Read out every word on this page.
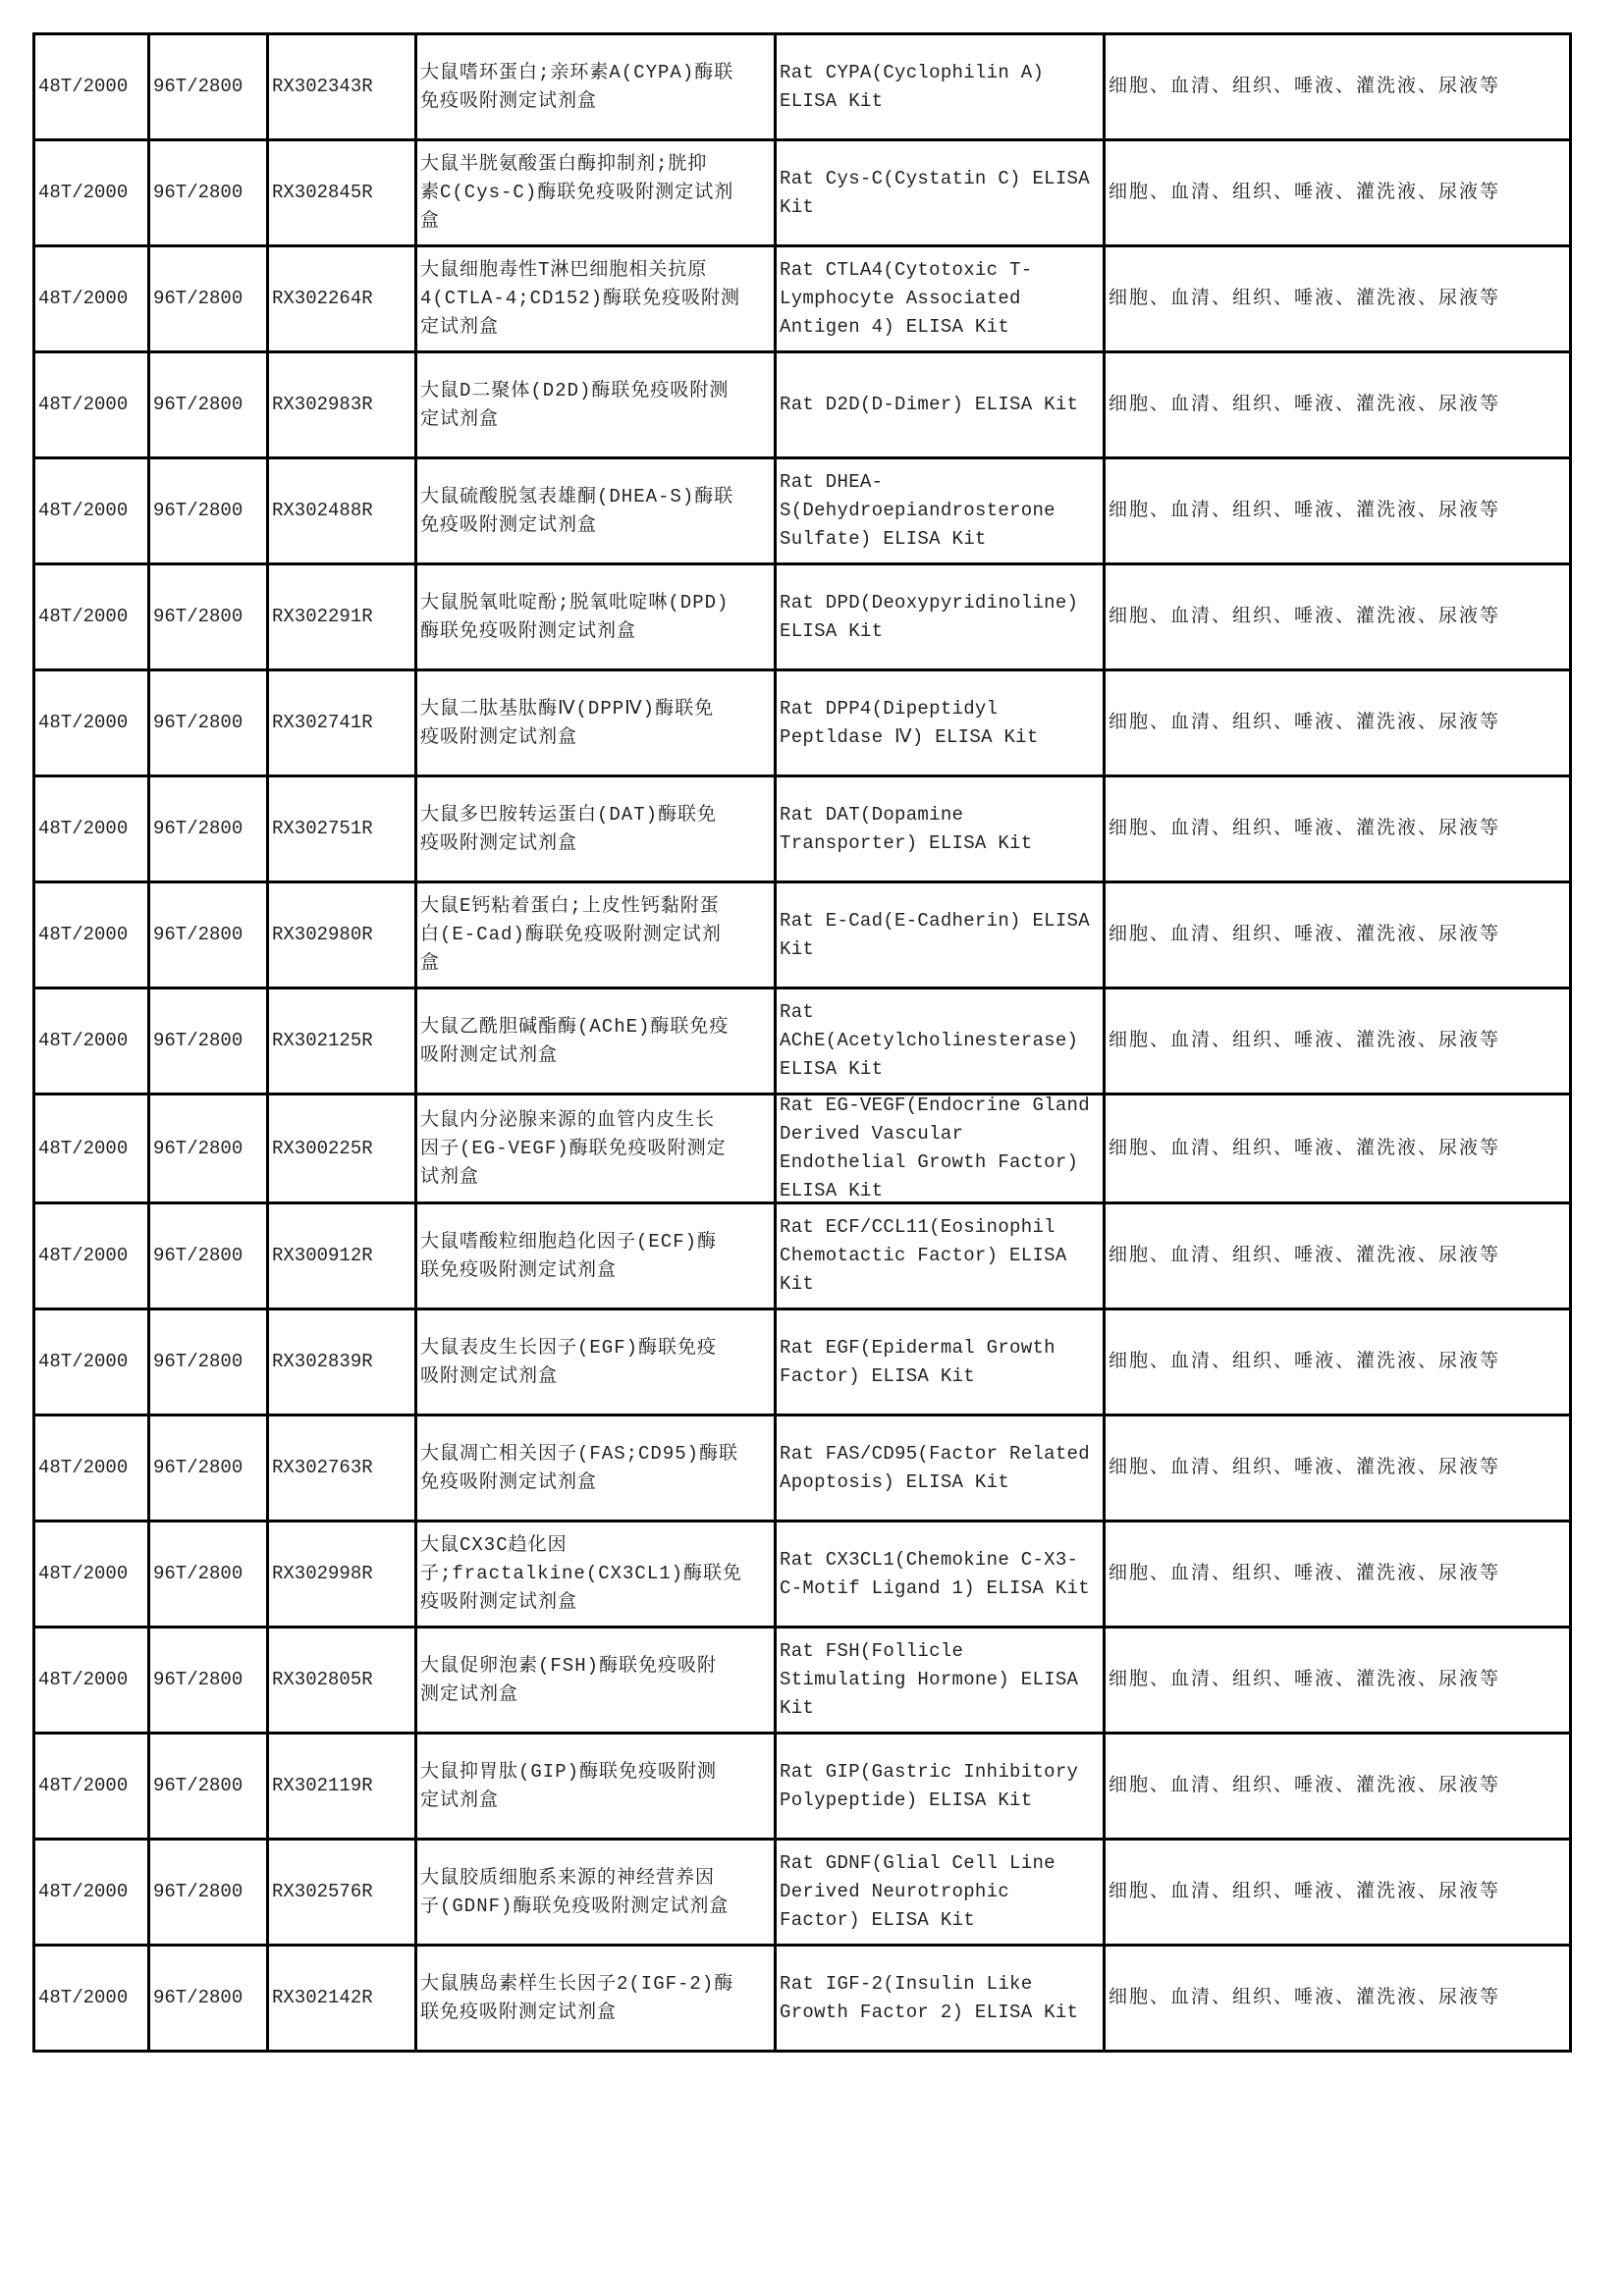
48T/2000	96T/2800	RX302343R	大鼠嗜环蛋白;亲环素A(CYPA)酶联
免疫吸附测定试剂盒	Rat CYPA(Cyclophilin A)
ELISA Kit	细胞、血清、组织、唾液、灌洗液、尿液等

48T/2000	96T/2800	RX302845R	大鼠半胱氨酸蛋白酶抑制剂;胱抑
素C(Cys-C)酶联免疫吸附测定试剂
盒	Rat Cys-C(Cystatin C) ELISA
Kit	细胞、血清、组织、唾液、灌洗液、尿液等

48T/2000	96T/2800	RX302264R	大鼠细胞毒性T淋巴细胞相关抗原
4(CTLA-4;CD152)酶联免疫吸附测
定试剂盒	Rat CTLA4(Cytotoxic T-
Lymphocyte Associated
Antigen 4) ELISA Kit	细胞、血清、组织、唾液、灌洗液、尿液等

48T/2000	96T/2800	RX302983R	大鼠D二聚体(D2D)酶联免疫吸附测
定试剂盒	Rat D2D(D-Dimer) ELISA Kit	细胞、血清、组织、唾液、灌洗液、尿液等

48T/2000	96T/2800	RX302488R	大鼠硫酸脱氢表雄酮(DHEA-S)酶联
免疫吸附测定试剂盒	Rat DHEA-
S(Dehydroepiandrosterone
Sulfate) ELISA Kit	细胞、血清、组织、唾液、灌洗液、尿液等

48T/2000	96T/2800	RX302291R	大鼠脱氧吡啶酚;脱氧吡啶啉(DPD)
酶联免疫吸附测定试剂盒	Rat DPD(Deoxypyridinoline)
ELISA Kit	细胞、血清、组织、唾液、灌洗液、尿液等

48T/2000	96T/2800	RX302741R	大鼠二肽基肽酶Ⅳ(DPPⅣ)酶联免
疫吸附测定试剂盒	Rat DPP4(Dipeptidyl
Peptldase Ⅳ) ELISA Kit	细胞、血清、组织、唾液、灌洗液、尿液等

48T/2000	96T/2800	RX302751R	大鼠多巴胺转运蛋白(DAT)酶联免
疫吸附测定试剂盒	Rat DAT(Dopamine
Transporter) ELISA Kit	细胞、血清、组织、唾液、灌洗液、尿液等

48T/2000	96T/2800	RX302980R	大鼠E钙粘着蛋白;上皮性钙黏附蛋
白(E-Cad)酶联免疫吸附测定试剂
盒	Rat E-Cad(E-Cadherin) ELISA
Kit	细胞、血清、组织、唾液、灌洗液、尿液等

48T/2000	96T/2800	RX302125R	大鼠乙酰胆碱酯酶(AChE)酶联免疫
吸附测定试剂盒	Rat
AChE(Acetylcholinesterase)
ELISA Kit	细胞、血清、组织、唾液、灌洗液、尿液等

48T/2000	96T/2800	RX300225R	大鼠内分泌腺来源的血管内皮生长
因子(EG-VEGF)酶联免疫吸附测定
试剂盒	Rat EG-VEGF(Endocrine Gland
Derived Vascular
Endothelial Growth Factor)
ELISA Kit	细胞、血清、组织、唾液、灌洗液、尿液等

48T/2000	96T/2800	RX300912R	大鼠嗜酸粒细胞趋化因子(ECF)酶
联免疫吸附测定试剂盒	Rat ECF/CCL11(Eosinophil
Chemotactic Factor) ELISA
Kit	细胞、血清、组织、唾液、灌洗液、尿液等

48T/2000	96T/2800	RX302839R	大鼠表皮生长因子(EGF)酶联免疫
吸附测定试剂盒	Rat EGF(Epidermal Growth
Factor) ELISA Kit	细胞、血清、组织、唾液、灌洗液、尿液等

48T/2000	96T/2800	RX302763R	大鼠凋亡相关因子(FAS;CD95)酶联
免疫吸附测定试剂盒	Rat FAS/CD95(Factor Related
Apoptosis) ELISA Kit	细胞、血清、组织、唾液、灌洗液、尿液等

48T/2000	96T/2800	RX302998R	大鼠CX3C趋化因
子;fractalkine(CX3CL1)酶联免
疫吸附测定试剂盒	Rat CX3CL1(Chemokine C-X3-
C-Motif Ligand 1) ELISA Kit	细胞、血清、组织、唾液、灌洗液、尿液等

48T/2000	96T/2800	RX302805R	大鼠促卵泡素(FSH)酶联免疫吸附
测定试剂盒	Rat FSH(Follicle
Stimulating Hormone) ELISA
Kit	细胞、血清、组织、唾液、灌洗液、尿液等

48T/2000	96T/2800	RX302119R	大鼠抑胃肽(GIP)酶联免疫吸附测
定试剂盒	Rat GIP(Gastric Inhibitory
Polypeptide) ELISA Kit	细胞、血清、组织、唾液、灌洗液、尿液等

48T/2000	96T/2800	RX302576R	大鼠胶质细胞系来源的神经营养因
子(GDNF)酶联免疫吸附测定试剂盒	Rat GDNF(Glial Cell Line
Derived Neurotrophic
Factor) ELISA Kit	细胞、血清、组织、唾液、灌洗液、尿液等

48T/2000	96T/2800	RX302142R	大鼠胰岛素样生长因子2(IGF-2)酶
联免疫吸附测定试剂盒	Rat IGF-2(Insulin Like
Growth Factor 2) ELISA Kit	细胞、血清、组织、唾液、灌洗液、尿液等
